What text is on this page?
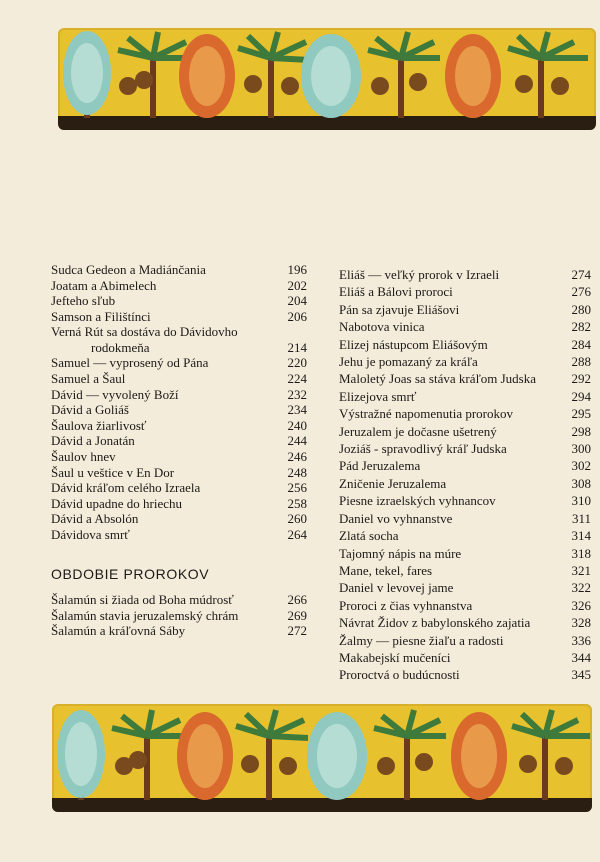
Sudca Gedeon a Madiánčania	196
Joatam a Abimelech	202
Jefteho sľub	204
Samson a Filištínci	206
Verná Rút sa dostáva do Dávidovho
rodokmeňa	214
Samuel — vyprosený od Pána	220
Samuel a Šaul	224
Dávid — vyvolený Boží	232
Dávid a Goliáš	234
Šaulova žiarlivosť	240
Dávid a Jonatán	244
Šaulov hnev	246
Šaul u veštice v En Dor	248
Dávid kráľom celého Izraela	256
Dávid upadne do hriechu	258
Dávid a Absolón	260
Dávidova smrť	264
OBDOBIE PROROKOV
Šalamún si žiada od Boha múdrosť	266
Šalamún stavia jeruzalemský chrám	269
Šalamún a kráľovná Sáby	272
Eliáš — veľký prorok v Izraeli	274
Eliáš a Bálovi proroci	276
Pán sa zjavuje Eliášovi	280
Nabotova vinica	282
Elizej nástupcom Eliášovým	284
Jehu je pomazaný za kráľa	288
Maloletý Joas sa stáva kráľom Judska	292
Elizejova smrť	294
Výstražné napomenutia prorokov	295
Jeruzalem je dočasne ušetrený	298
Joziáš - spravodlivý kráľ Judska	300
Pád Jeruzalema	302
Zničenie Jeruzalema	308
Piesne izraelských vyhnancov	310
Daniel vo vyhnanstve	311
Zlatá socha	314
Tajomný nápis na múre	318
Mane, tekel, fares	321
Daniel v levovej jame	322
Proroci z čias vyhnanstva	326
Návrat Židov z babylonského zajatia	328
Žalmy — piesne žiaľu a radosti	336
Makabejskí mučeníci	344
Proroctvá o budúcnosti	345
